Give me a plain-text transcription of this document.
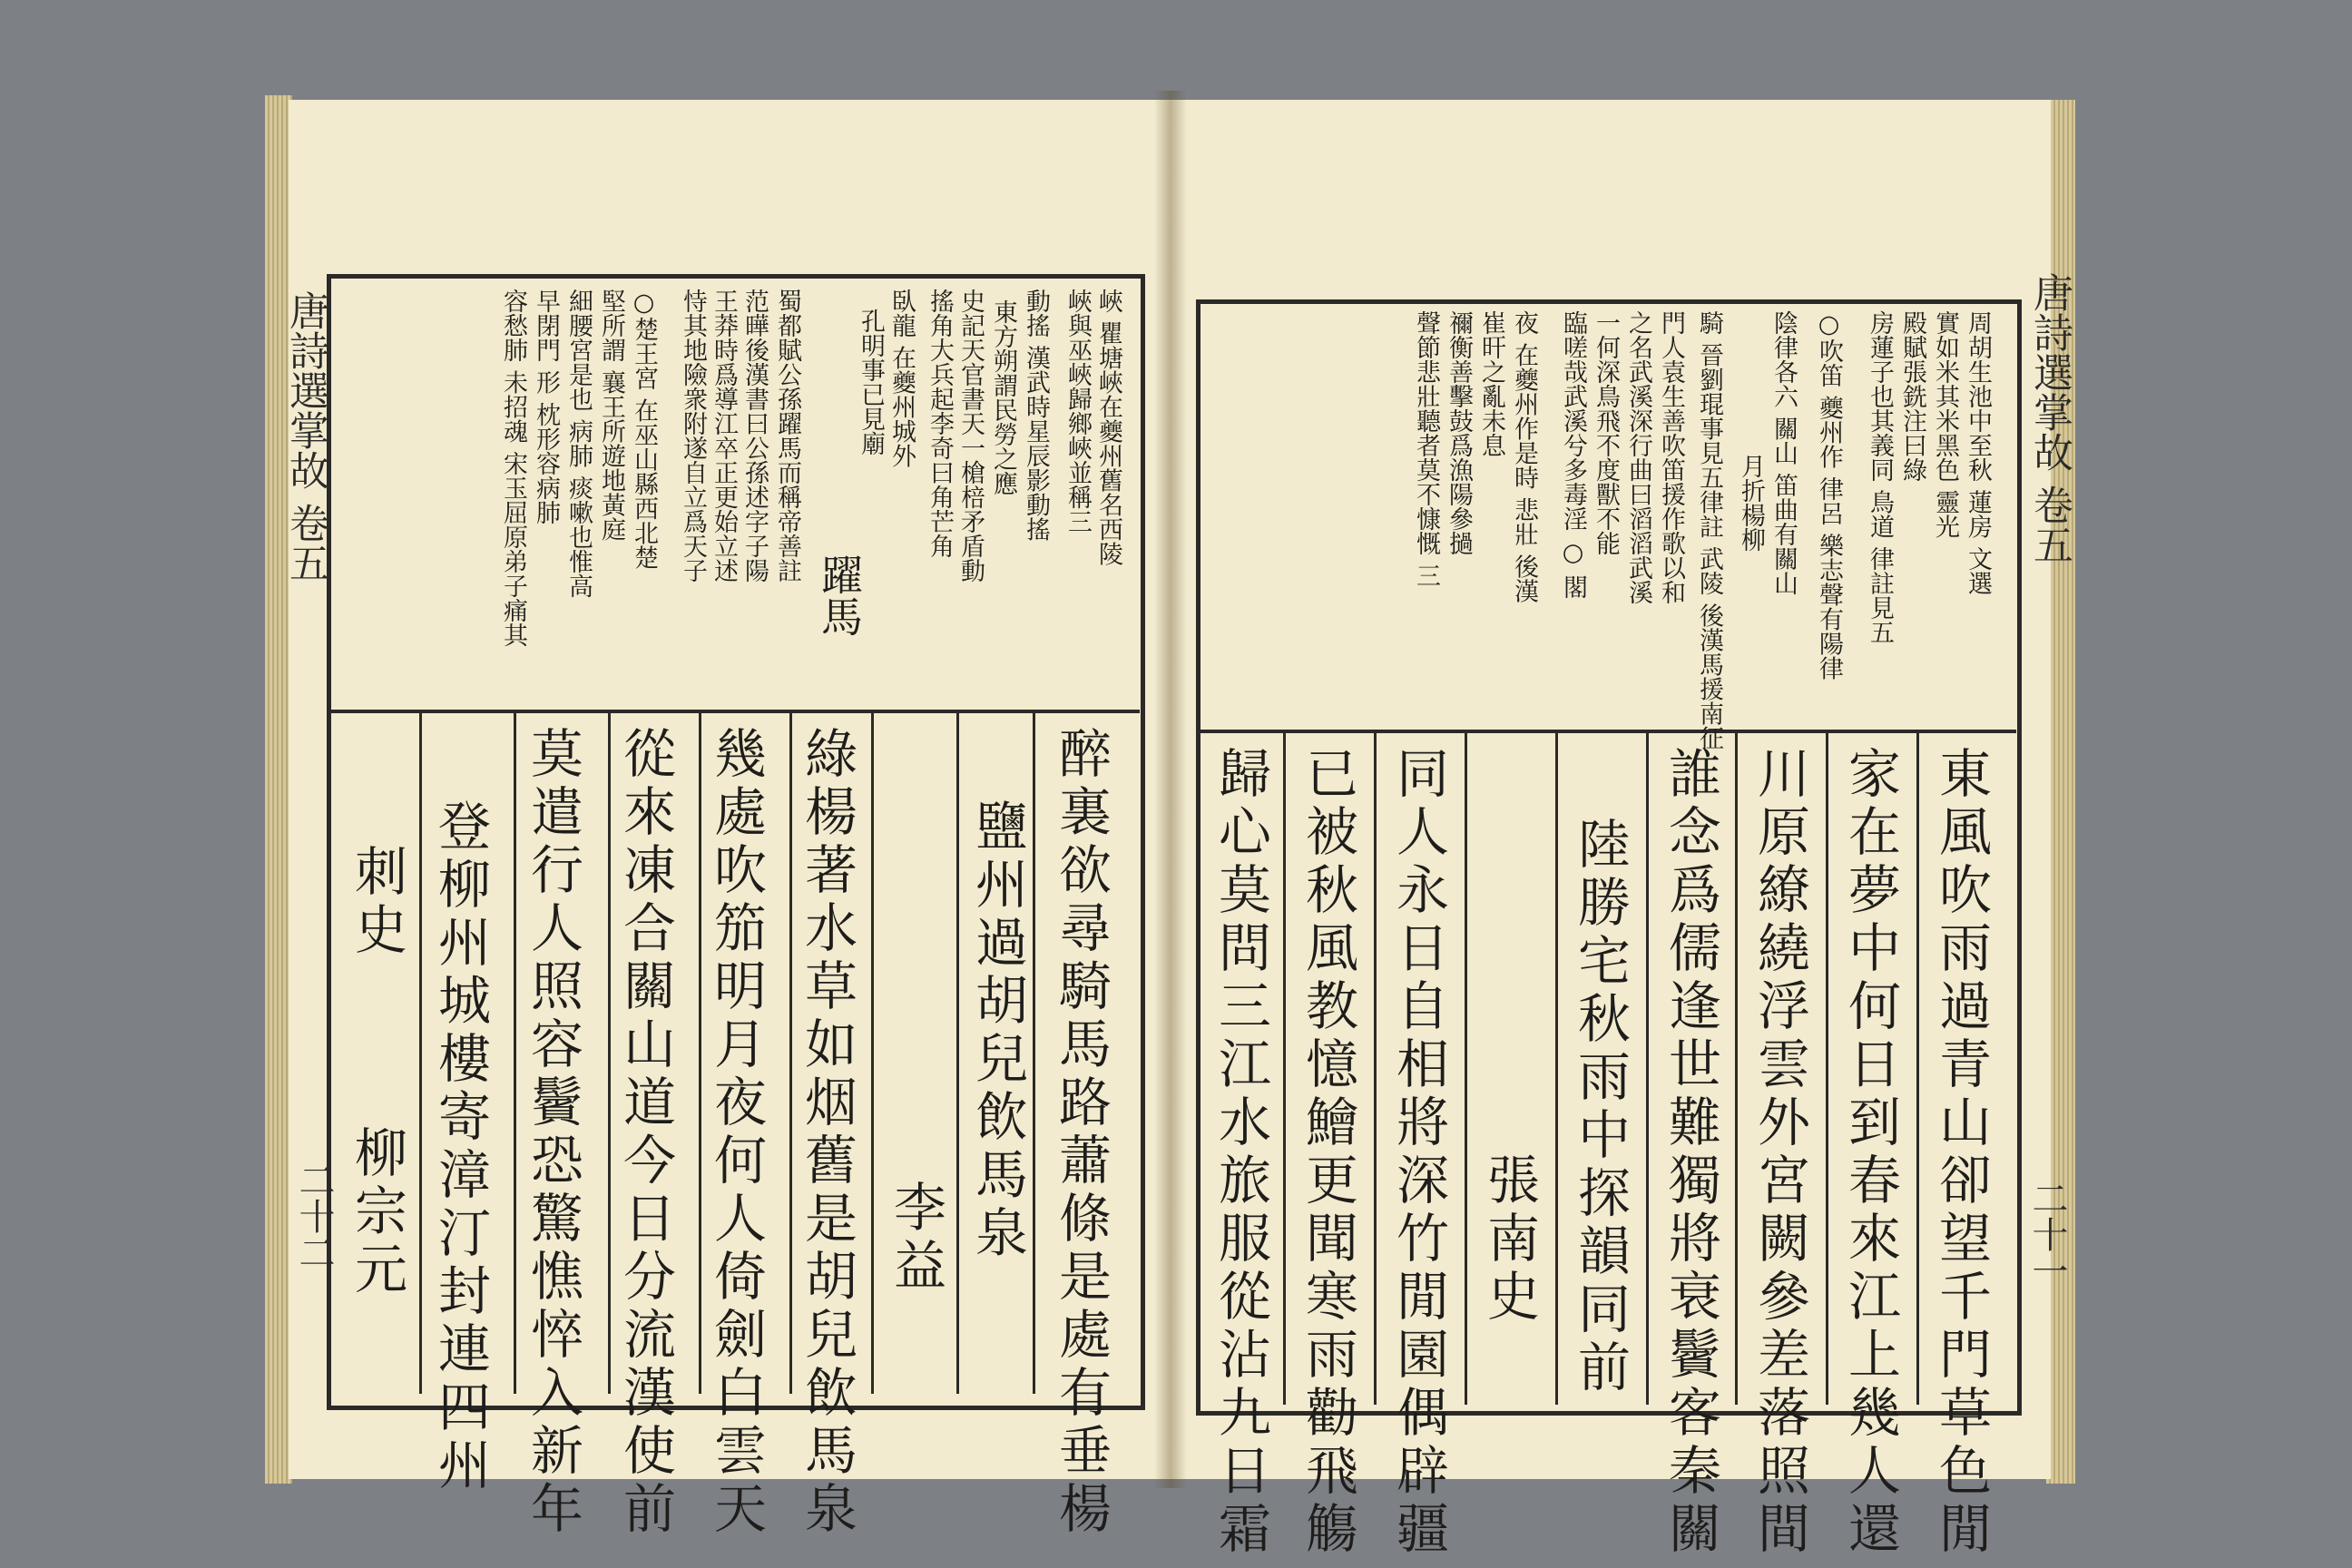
唐詩選掌故 卷五
二十二
峽 瞿塘峽在夔州舊名西陵
峽與巫峽歸鄉峽並稱三
動搖 漢武時星辰影動搖
東方朔謂民勞之應
史記天官書天一槍棓矛盾動
搖角大兵起李奇曰角芒角
臥龍 在夔州城外
孔明事已見廟
躍馬
蜀都賦公孫躍馬而稱帝善註
范曄後漢書曰公孫述字子陽
王莽時爲導江卒正更始立述
恃其地險衆附遂自立爲天子
○楚王宮 在巫山縣西北楚
堅所謂 襄王所遊地黃庭
細腰宮是也 病肺 痰嗽也惟高
早閉門 形 枕形容病肺
容愁肺 未招魂 宋玉屈原弟子痛其
醉裏欲尋騎馬路蕭條是處有垂楊
鹽州過胡兒飲馬泉
李益
綠楊著水草如烟舊是胡兒飲馬泉
幾處吹笳明月夜何人倚劍白雲天
從來凍合關山道今日分流漢使前
莫遣行人照容鬢恐驚憔悴入新年
登柳州城樓寄漳汀封連四州
刺史
柳宗元
唐詩選掌故 卷五
二十一
周胡生池中至秋 蓮房 文選
實如米其米黑色 靈光
殿賦張銑注曰綠
房蓮子也其義同 鳥道 律註見五
○吹笛 夔州作 律呂 樂志聲有陽律
陰律各六 關山 笛曲有關山
月折楊柳
騎 晉劉琨事見五律註 武陵 後漢馬援南征
門人袁生善吹笛援作歌以和
之名武溪深行曲曰滔滔武溪
一何深鳥飛不度獸不能
臨嗟哉武溪兮多毒淫 ○ 閣
夜 在夔州作是時 悲壯 後漢
崔旰之亂未息
禰衡善擊鼓爲漁陽參撾
聲節悲壯聽者莫不慷慨 三
東風吹雨過青山卻望千門草色閒
家在夢中何日到春來江上幾人還
川原繚繞浮雲外宮闕參差落照間
誰念爲儒逢世難獨將衰鬢客秦關
陸勝宅秋雨中探韻同前
張南史
同人永日自相將深竹閒園偶辟疆
已被秋風教憶鱠更聞寒雨勸飛觴
歸心莫問三江水旅服從沾九日霜
